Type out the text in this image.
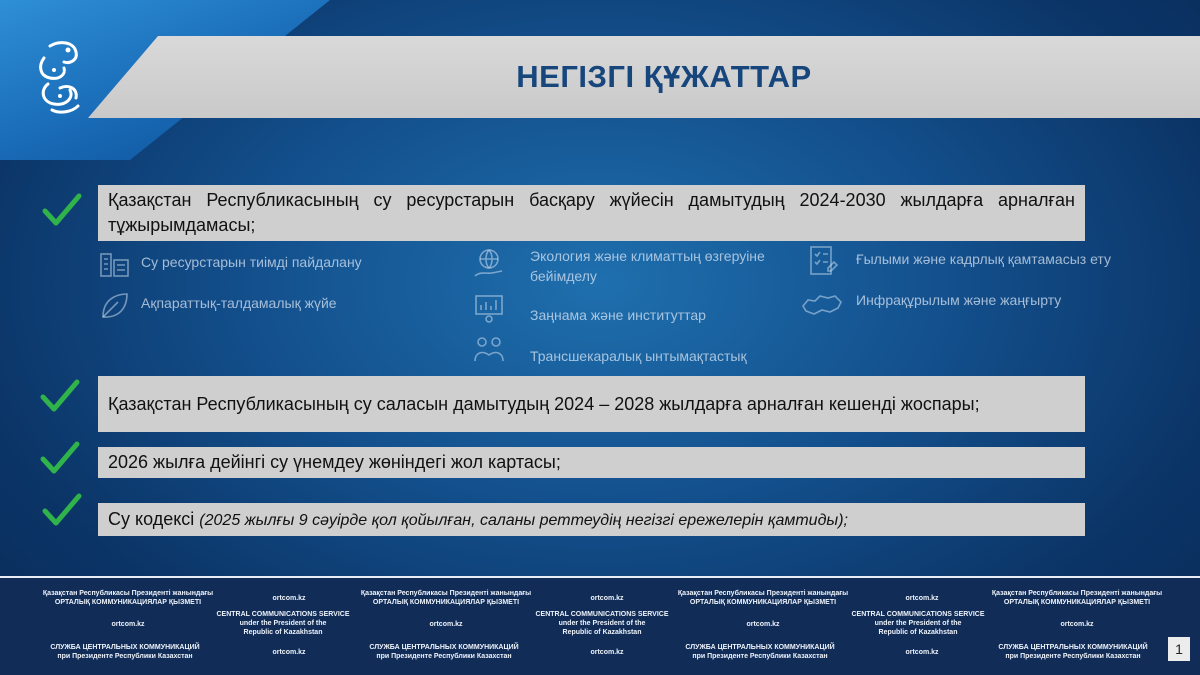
НЕГІЗГІ ҚҰЖАТТАР
Қазақстан Республикасының су ресурстарын басқару жүйесін дамытудың 2024-2030 жылдарға арналған тұжырымдамасы;
Қазақстан Республикасының су саласын дамытудың 2024 – 2028 жылдарға арналған кешенді жоспары;
2026 жылға дейінгі су үнемдеу жөніндегі жол картасы;
Су кодексі (2025 жылғы 9 сәуірде қол қойылған, саланы реттеудің негізгі ережелерін қамтиды);
Су ресурстарын тиімді пайдалану
Ақпараттық-талдамалық жүйе
Экология және климаттың өзгеруіне бейімделу
Заңнама және институттар
Трансшекаралық ынтымақтастық
Ғылыми және кадрлық қамтамасыз ету
Инфрақұрылым және жаңғырту
1
Қазақстан Республикасы Президенті жанындағы
ОРТАЛЫҚ КОММУНИКАЦИЯЛАР ҚЫЗМЕТІ
Қазақстан Республикасы Президенті жанындағы
ОРТАЛЫҚ КОММУНИКАЦИЯЛАР ҚЫЗМЕТІ
Қазақстан Республикасы Президенті жанындағы
ОРТАЛЫҚ КОММУНИКАЦИЯЛАР ҚЫЗМЕТІ
Қазақстан Республикасы Президенті жанындағы
ОРТАЛЫҚ КОММУНИКАЦИЯЛАР ҚЫЗМЕТІ
ortcom.kz	ortcom.kz	ortcom.kz
CENTRAL COMMUNICATIONS SERVICE
under the President of the
Republic of Kazakhstan
CENTRAL COMMUNICATIONS SERVICE
under the President of the
Republic of Kazakhstan
CENTRAL COMMUNICATIONS SERVICE
under the President of the
Republic of Kazakhstan
ortcom.kz	ortcom.kz	ortcom.kz	ortcom.kz
СЛУЖБА ЦЕНТРАЛЬНЫХ КОММУНИКАЦИЙ
при Президенте Республики Казахстан
СЛУЖБА ЦЕНТРАЛЬНЫХ КОММУНИКАЦИЙ
при Президенте Республики Казахстан
СЛУЖБА ЦЕНТРАЛЬНЫХ КОММУНИКАЦИЙ
при Президенте Республики Казахстан
СЛУЖБА ЦЕНТРАЛЬНЫХ КОММУНИКАЦИЙ
при Президенте Республики Казахстан
ortcom.kz	ortcom.kz	ortcom.kz
